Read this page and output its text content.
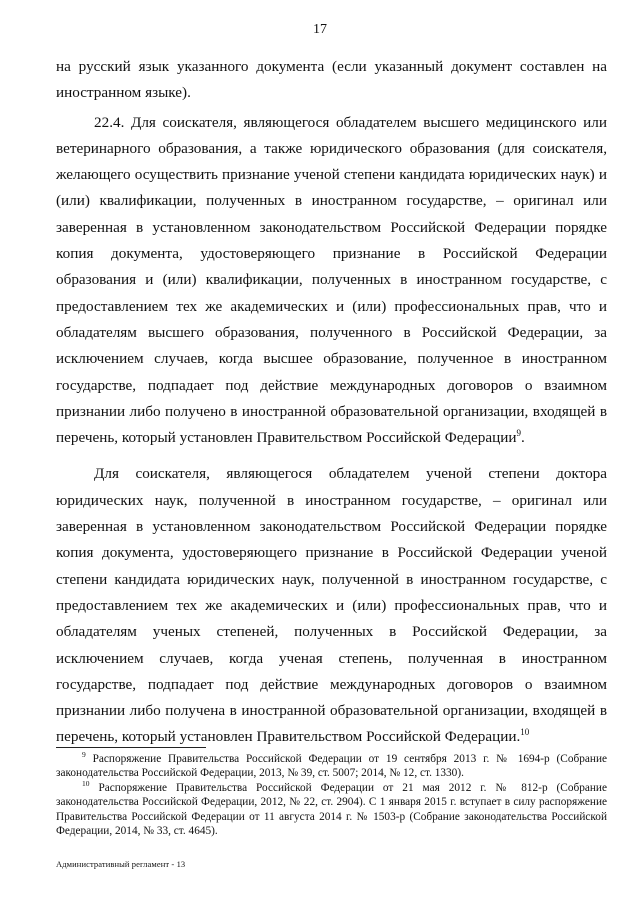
17

на русский язык указанного документа (если указанный документ составлен на иностранном языке).

22.4. Для соискателя, являющегося обладателем высшего медицинского или ветеринарного образования, а также юридического образования (для соискателя, желающего осуществить признание ученой степени кандидата юридических наук) и (или) квалификации, полученных в иностранном государстве, – оригинал или заверенная в установленном законодательством Российской Федерации порядке копия документа, удостоверяющего признание в Российской Федерации образования и (или) квалификации, полученных в иностранном государстве, с предоставлением тех же академических и (или) профессиональных прав, что и обладателям высшего образования, полученного в Российской Федерации, за исключением случаев, когда высшее образование, полученное в иностранном государстве, подпадает под действие международных договоров о взаимном признании либо получено в иностранной образовательной организации, входящей в перечень, который установлен Правительством Российской Федерации$^9$.

Для соискателя, являющегося обладателем ученой степени доктора юридических наук, полученной в иностранном государстве, – оригинал или заверенная в установленном законодательством Российской Федерации порядке копия документа, удостоверяющего признание в Российской Федерации ученой степени кандидата юридических наук, полученной в иностранном государстве, с предоставлением тех же академических и (или) профессиональных прав, что и обладателям ученых степеней, полученных в Российской Федерации, за исключением случаев, когда ученая степень, полученная в иностранном государстве, подпадает под действие международных договоров о взаимном признании либо получена в иностранной образовательной организации, входящей в перечень, который установлен Правительством Российской Федерации.$^{10}$

$^9$ Распоряжение Правительства Российской Федерации от 19 сентября 2013 г. № 1694-р (Собрание законодательства Российской Федерации, 2013, № 39, ст. 5007; 2014, № 12, ст. 1330).

$^{10}$ Распоряжение Правительства Российской Федерации от 21 мая 2012 г. № 812-р (Собрание законодательства Российской Федерации, 2012, № 22, ст. 2904). С 1 января 2015 г. вступает в силу распоряжение Правительства Российской Федерации от 11 августа 2014 г. № 1503-р (Собрание законодательства Российской Федерации, 2014, № 33, ст. 4645).

Административный регламент - 13
